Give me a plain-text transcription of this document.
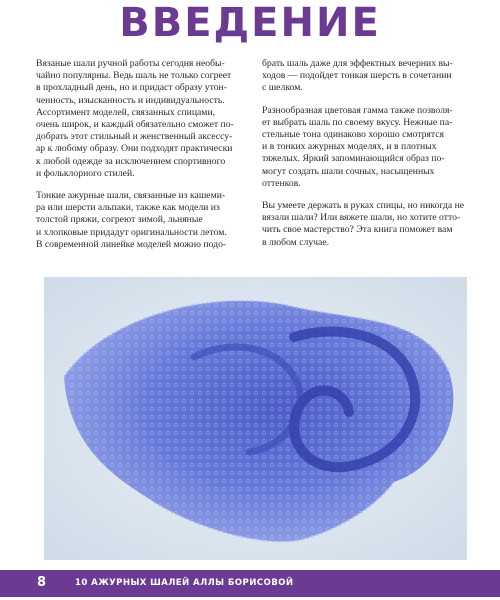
ВВЕДЕНИЕ

Вязаные шали ручной работы сегодня необы-
чайно популярны. Ведь шаль не только согреет
в прохладный день, но и придаст образу утон-
ченность, изысканность и индивидуальность.
Ассортимент моделей, связанных спицами,
очень широк, и каждый обязательно сможет по-
добрать этот стильный и женственный аксессу-
ар к любому образу. Они подходят практически
к любой одежде за исключением спортивного
и фольклорного стилей.

Тонкие ажурные шали, связанные из кашеми-
ра или шерсти альпаки, также как модели из
толстой пряжи, согреют зимой, льняные
и хлопковые придадут оригинальности летом.
В современной линейке моделей можно подо-

брать шаль даже для эффектных вечерних вы-
ходов — подойдет тонкая шерсть в сочетании
с шелком.

Разнообразная цветовая гамма также позволя-
ет выбрать шаль по своему вкусу. Нежные па-
стельные тона одинаково хорошо смотрятся
и в тонких ажурных моделях, и в плотных
тяжелых. Яркий запоминающийся образ по-
могут создать шали сочных, насыщенных
оттенков.

Вы умеете держать в руках спицы, но никогда не
вязали шали? Или вяжете шали, но хотите отто-
чить свое мастерство? Эта книга поможет вам
в любом случае.

8	10 АЖУРНЫХ ШАЛЕЙ АЛЛЫ БОРИСОВОЙ
